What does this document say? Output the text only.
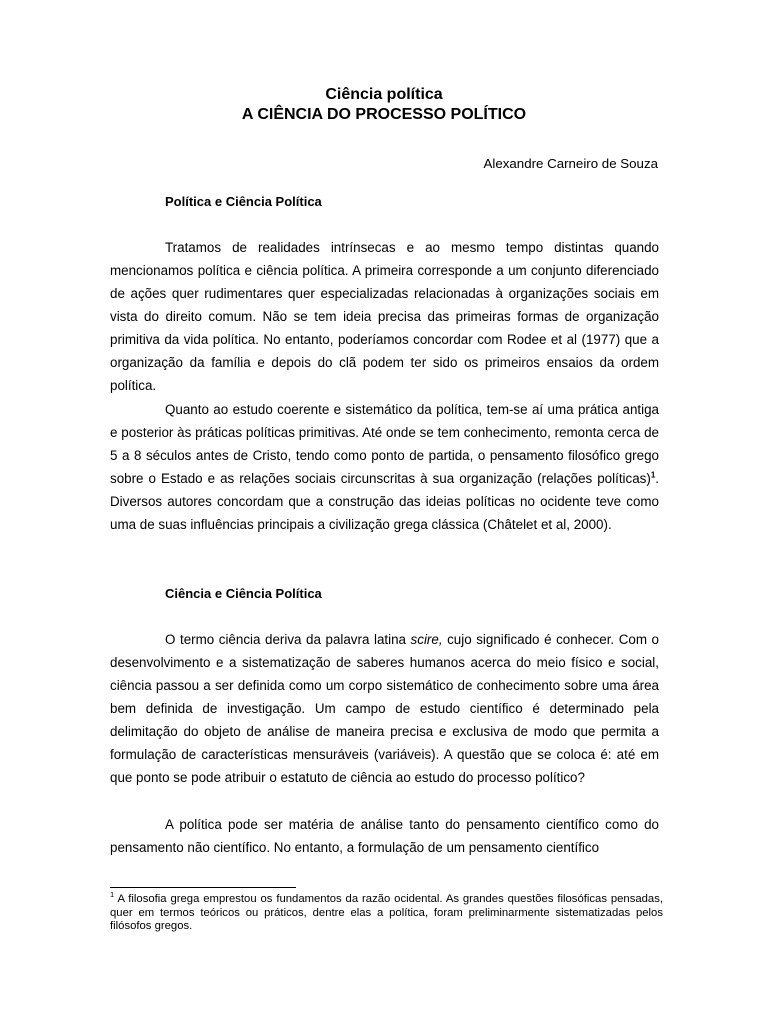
Ciência política
A CIÊNCIA DO PROCESSO POLÍTICO
Alexandre Carneiro de Souza
Política e Ciência Política

Tratamos de realidades intrínsecas e ao mesmo tempo distintas quando mencionamos política e ciência política. A primeira corresponde a um conjunto diferenciado de ações quer rudimentares quer especializadas relacionadas à organizações sociais em vista do direito comum. Não se tem ideia precisa das primeiras formas de organização primitiva da vida política. No entanto, poderíamos concordar com Rodee et al (1977) que a organização da família e depois do clã podem ter sido os primeiros ensaios da ordem política.

Quanto ao estudo coerente e sistemático da política, tem-se aí uma prática antiga e posterior às práticas políticas primitivas. Até onde se tem conhecimento, remonta cerca de 5 a 8 séculos antes de Cristo, tendo como ponto de partida, o pensamento filosófico grego sobre o Estado e as relações sociais circunscritas à sua organização (relações políticas)$^1$. Diversos autores concordam que a construção das ideias políticas no ocidente teve como uma de suas influências principais a civilização grega clássica (Châtelet et al, 2000).

Ciência e Ciência Política

O termo ciência deriva da palavra latina scire, cujo significado é conhecer. Com o desenvolvimento e a sistematização de saberes humanos acerca do meio físico e social, ciência passou a ser definida como um corpo sistemático de conhecimento sobre uma área bem definida de investigação. Um campo de estudo científico é determinado pela delimitação do objeto de análise de maneira precisa e exclusiva de modo que permita a formulação de características mensuráveis (variáveis). A questão que se coloca é: até em que ponto se pode atribuir o estatuto de ciência ao estudo do processo político?

A política pode ser matéria de análise tanto do pensamento científico como do pensamento não científico. No entanto, a formulação de um pensamento científico

$^1$ A filosofia grega emprestou os fundamentos da razão ocidental. As grandes questões filosóficas pensadas, quer em termos teóricos ou práticos, dentre elas a política, foram preliminarmente sistematizadas pelos filósofos gregos.
